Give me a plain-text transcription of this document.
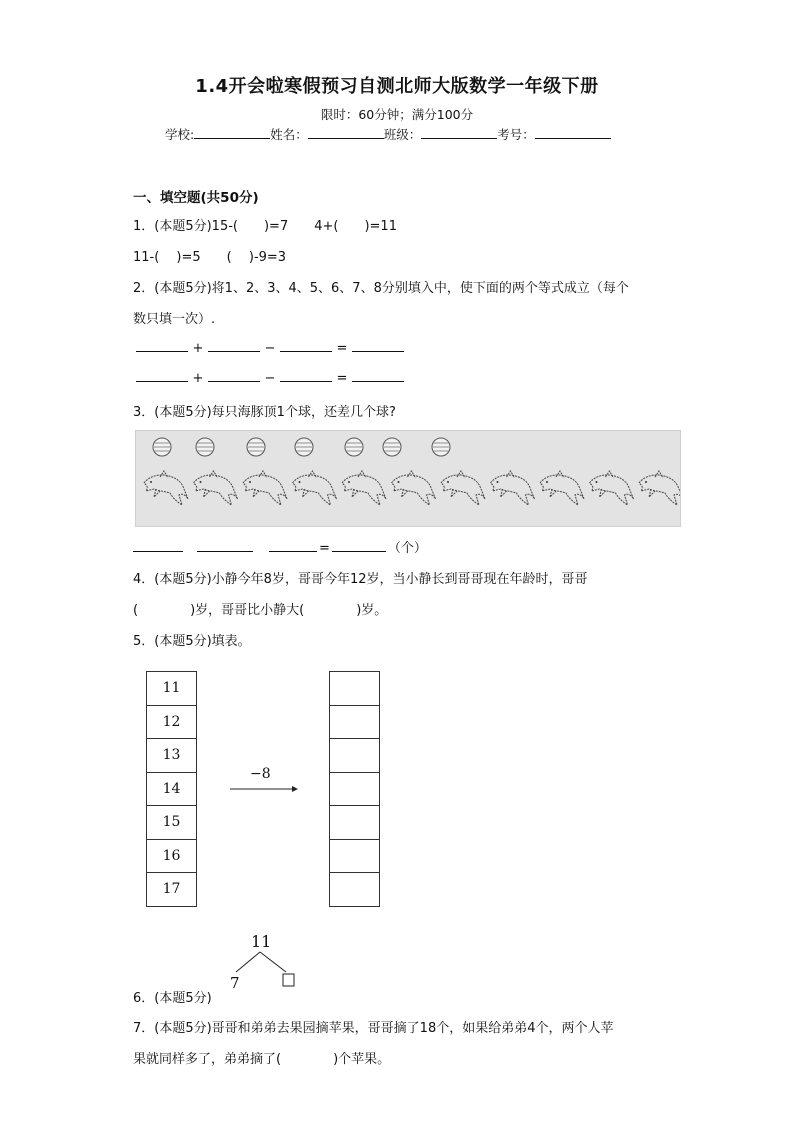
1.4开会啦寒假预习自测北师大版数学一年级下册
限时：60分钟；满分100分
学校:	姓名：	班级：	考号：
一、填空题(共50分)
1．(本题5分)15-(　　)=7　　4+(　　)=11
11-(　 )=5　　(　 )-9=3
2．(本题5分)将1、2、3、4、5、6、7、8分别填入中，使下面的两个等式成立（每个
数只填一次）.
+	−	=
+	−	=
3．(本题5分)每只海豚顶1个球，还差几个球?
=	（个）
4．(本题5分)小静今年8岁，哥哥今年12岁，当小静长到哥哥现在年龄时，哥哥
(　　　　)岁，哥哥比小静大(　　　　)岁。
5．(本题5分)填表。
11
12
13
14
15
16
17
−8

11
7
6．(本题5分)
7．(本题5分)哥哥和弟弟去果园摘苹果，哥哥摘了18个，如果给弟弟4个，两个人苹
果就同样多了，弟弟摘了(　　　　)个苹果。
